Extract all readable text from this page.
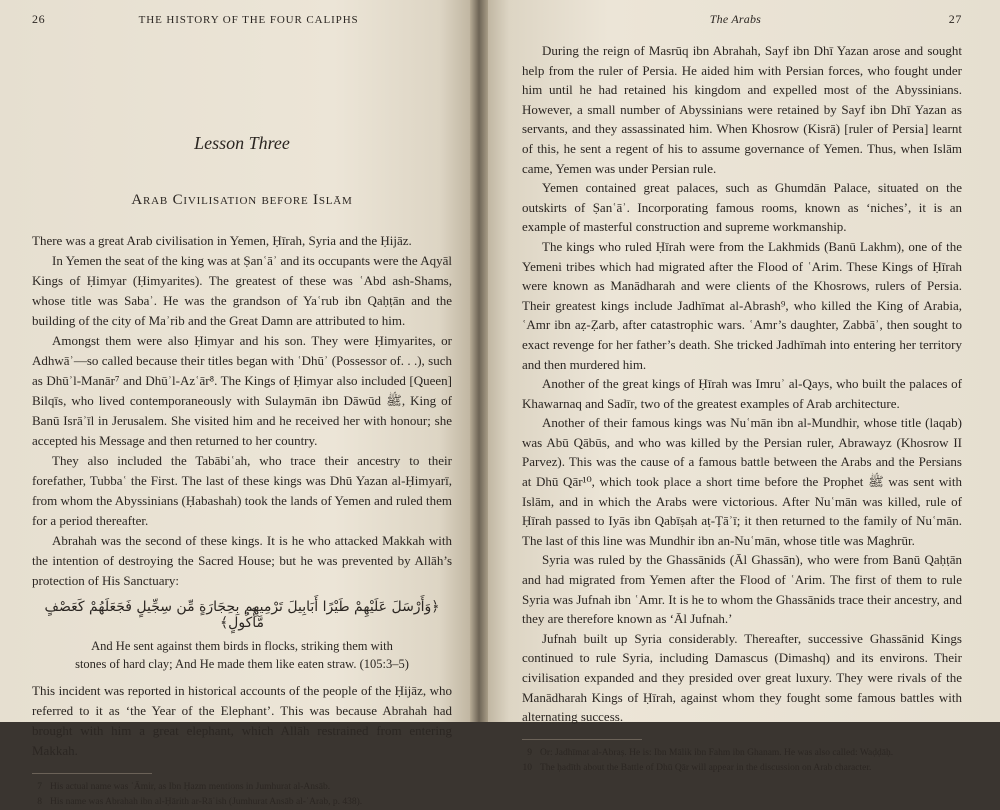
26	THE HISTORY OF THE FOUR CALIPHS
Lesson Three
Arab Civilisation before Islām

There was a great Arab civilisation in Yemen, Ḥīrah, Syria and the Ḥijāz.

In Yemen the seat of the king was at Ṣanʿāʾ and its occupants were the Aqyāl Kings of Ḥimyar (Ḥimyarites). The greatest of these was ʿAbd ash-Shams, whose title was Sabaʾ. He was the grandson of Yaʿrub ibn Qaḥṭān and the building of the city of Maʾrib and the Great Damn are attributed to him.

Amongst them were also Ḥimyar and his son. They were Ḥimyarites, or Adhwāʾ—so called because their titles began with ʿDhūʾ (Possessor of. . .), such as Dhūʾl-Manār⁷ and Dhūʾl-Azʿār⁸. The Kings of Ḥimyar also included [Queen] Bilqīs, who lived contemporaneously with Sulaymān ibn Dāwūd ﷺ, King of Banū Isrāʾīl in Jerusalem. She visited him and he received her with honour; she accepted his Message and then returned to her country.

They also included the Tabābiʿah, who trace their ancestry to their forefather, Tubbaʿ the First. The last of these kings was Dhū Yazan al-Ḥimyarī, from whom the Abyssinians (Ḥabashah) took the lands of Yemen and ruled them for a period thereafter.

Abrahah was the second of these kings. It is he who attacked Makkah with the intention of destroying the Sacred House; but he was prevented by Allāh’s protection of His Sanctuary:

﴿وَأَرْسَلَ عَلَيْهِمْ طَيْرًا أَبَابِيلَ تَرْمِيهِم بِحِجَارَةٍ مِّن سِجِّيلٍ فَجَعَلَهُمْ كَعَصْفٍ مَّأْكُولٍ﴾
And He sent against them birds in flocks, striking them with
stones of hard clay; And He made them like eaten straw. (105:3–5)

This incident was reported in historical accounts of the people of the Ḥijāz, who referred to it as ‘the Year of the Elephant’. This was because Abrahah had brought with him a great elephant, which Allāh restrained from entering Makkah.

7 His actual name was ʿĀmir, as Ibn Ḥazm mentions in Jumhurat al-Ansāb.
8 His name was Abrahah ibn al-Ḥārith ar-Rāʾish (Jumhurat Ansāb al-ʿArab, p. 438).
The Arabs	27

During the reign of Masrūq ibn Abrahah, Sayf ibn Dhī Yazan arose and sought help from the ruler of Persia. He aided him with Persian forces, who fought under him until he had retained his kingdom and expelled most of the Abyssinians. However, a small number of Abyssinians were retained by Sayf ibn Dhī Yazan as servants, and they assassinated him. When Khosrow (Kisrā) [ruler of Persia] learnt of this, he sent a regent of his to assume governance of Yemen. Thus, when Islām came, Yemen was under Persian rule.

Yemen contained great palaces, such as Ghumdān Palace, situated on the outskirts of Ṣanʿāʾ. Incorporating famous rooms, known as ‘niches’, it is an example of masterful construction and supreme workmanship.

The kings who ruled Ḥīrah were from the Lakhmids (Banū Lakhm), one of the Yemeni tribes which had migrated after the Flood of ʿArim. These Kings of Ḥīrah were known as Manādharah and were clients of the Khosrows, rulers of Persia. Their greatest kings include Jadhīmat al-Abrash⁹, who killed the King of Arabia, ʿAmr ibn aẓ-Ẓarb, after catastrophic wars. ʿAmr’s daughter, Zabbāʾ, then sought to exact revenge for her father’s death. She tricked Jadhīmah into entering her territory and then murdered him.

Another of the great kings of Ḥīrah was Imruʾ al-Qays, who built the palaces of Khawarnaq and Sadīr, two of the greatest examples of Arab architecture.

Another of their famous kings was Nuʿmān ibn al-Mundhir, whose title (laqab) was Abū Qābūs, and who was killed by the Persian ruler, Abrawayz (Khosrow II Parvez). This was the cause of a famous battle between the Arabs and the Persians at Dhū Qār¹⁰, which took place a short time before the Prophet ﷺ was sent with Islām, and in which the Arabs were victorious. After Nuʿmān was killed, rule of Ḥīrah passed to Iyās ibn Qabīṣah aṭ-Ṭāʾī; it then returned to the family of Nuʿmān. The last of this line was Mundhir ibn an-Nuʿmān, whose title was Maghrūr.

Syria was ruled by the Ghassānids (Āl Ghassān), who were from Banū Qaḥṭān and had migrated from Yemen after the Flood of ʿArim. The first of them to rule Syria was Jufnah ibn ʿAmr. It is he to whom the Ghassānids trace their ancestry, and they are therefore known as ‘Āl Jufnah.’

Jufnah built up Syria considerably. Thereafter, successive Ghassānid Kings continued to rule Syria, including Damascus (Dimashq) and its environs. Their civilisation expanded and they presided over great luxury. They were rivals of the Manādharah Kings of Ḥīrah, against whom they fought some famous battles with alternating success.

9 Or: Jadhīmat al-Abraṣ. He is: Ibn Mālik ibn Fahm ibn Ghanam. He was also called: Waḍḍāḥ.
10 The ḥadīth about the Battle of Dhū Qār will appear in the discussion on Arab character.
